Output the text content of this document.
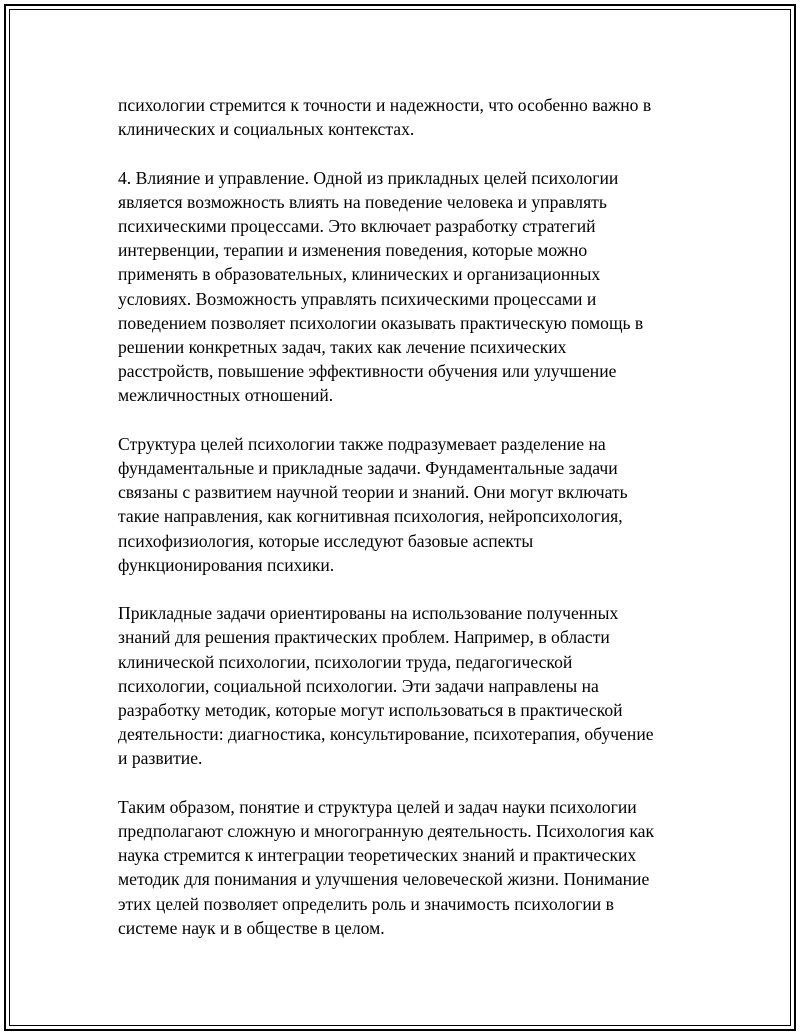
психологии стремится к точности и надежности, что особенно важно в
клинических и социальных контекстах.

4. Влияние и управление. Одной из прикладных целей психологии
является возможность влиять на поведение человека и управлять
психическими процессами. Это включает разработку стратегий
интервенции, терапии и изменения поведения, которые можно
применять в образовательных, клинических и организационных
условиях. Возможность управлять психическими процессами и
поведением позволяет психологии оказывать практическую помощь в
решении конкретных задач, таких как лечение психических
расстройств, повышение эффективности обучения или улучшение
межличностных отношений.

Структура целей психологии также подразумевает разделение на
фундаментальные и прикладные задачи. Фундаментальные задачи
связаны с развитием научной теории и знаний. Они могут включать
такие направления, как когнитивная психология, нейропсихология,
психофизиология, которые исследуют базовые аспекты
функционирования психики.

Прикладные задачи ориентированы на использование полученных
знаний для решения практических проблем. Например, в области
клинической психологии, психологии труда, педагогической
психологии, социальной психологии. Эти задачи направлены на
разработку методик, которые могут использоваться в практической
деятельности: диагностика, консультирование, психотерапия, обучение
и развитие.

Таким образом, понятие и структура целей и задач науки психологии
предполагают сложную и многогранную деятельность. Психология как
наука стремится к интеграции теоретических знаний и практических
методик для понимания и улучшения человеческой жизни. Понимание
этих целей позволяет определить роль и значимость психологии в
системе наук и в обществе в целом.
